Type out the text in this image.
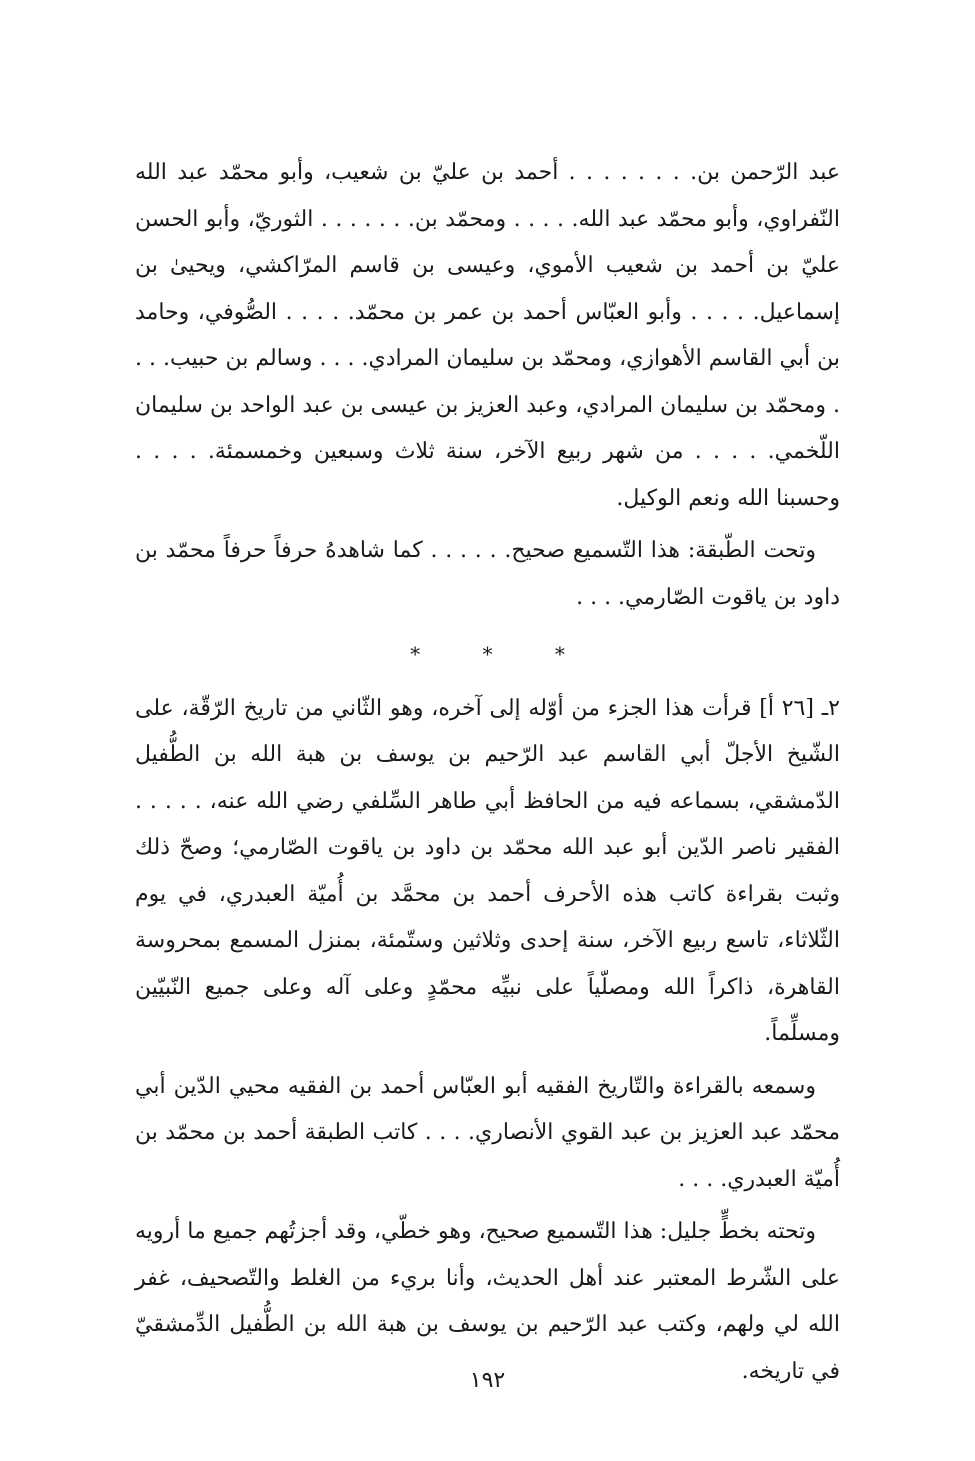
عبد الرّحمن بن. . . . . . . . أحمد بن عليّ بن شعيب، وأبو محمّد عبد الله النّفراوي، وأبو محمّد عبد الله. . . . . ومحمّد بن. . . . . . . الثوريّ، وأبو الحسن عليّ بن أحمد بن شعيب الأموي، وعيسى بن قاسم المرّاكشي، ويحيىٰ بن إسماعيل. . . . . وأبو العبّاس أحمد بن عمر بن محمّد. . . . . الصُّوفي، وحامد بن أبي القاسم الأهوازي، ومحمّد بن سليمان المرادي. . . . وسالم بن حبيب. . . . ومحمّد بن سليمان المرادي، وعبد العزيز بن عيسى بن عبد الواحد بن سليمان اللّخمي. . . . . من شهر ربيع الآخر، سنة ثلاث وسبعين وخمسمئة. . . . . وحسبنا الله ونعم الوكيل.

وتحت الطّبقة: هذا التّسميع صحيح. . . . . . كما شاهدهُ حرفاً حرفاً محمّد بن داود بن ياقوت الصّارمي. . . .

* * *

٢ـ [٢٦ أ] قرأت هذا الجزء من أوّله إلى آخره، وهو الثّاني من تاريخ الرّقّة، على الشّيخ الأجلّ أبي القاسم عبد الرّحيم بن يوسف بن هبة الله بن الطُّفيل الدّمشقي، بسماعه فيه من الحافظ أبي طاهر السِّلفي رضي الله عنه، . . . . . الفقير ناصر الدّين أبو عبد الله محمّد بن داود بن ياقوت الصّارمي؛ وصحّ ذلك وثبت بقراءة كاتب هذه الأحرف أحمد بن محمَّد بن أُميّة العبدري، في يوم الثّلاثاء، تاسع ربيع الآخر، سنة إحدى وثلاثين وستّمئة، بمنزل المسمع بمحروسة القاهرة، ذاكراً الله ومصلّياً على نبيِّه محمّدٍ وعلى آله وعلى جميع النّبيّين ومسلِّماً.

وسمعه بالقراءة والتّاريخ الفقيه أبو العبّاس أحمد بن الفقيه محيي الدّين أبي محمّد عبد العزيز بن عبد القوي الأنصاري. . . . كاتب الطبقة أحمد بن محمّد بن أُميّة العبدري. . . .

وتحته بخطٍّ جليل: هذا التّسميع صحيح، وهو خطّي، وقد أجزتُهم جميع ما أرويه على الشّرط المعتبر عند أهل الحديث، وأنا بريء من الغلط والتّصحيف، غفر الله لي ولهم، وكتب عبد الرّحيم بن يوسف بن هبة الله بن الطُّفيل الدِّمشقيّ في تاريخه.

١٩٢
